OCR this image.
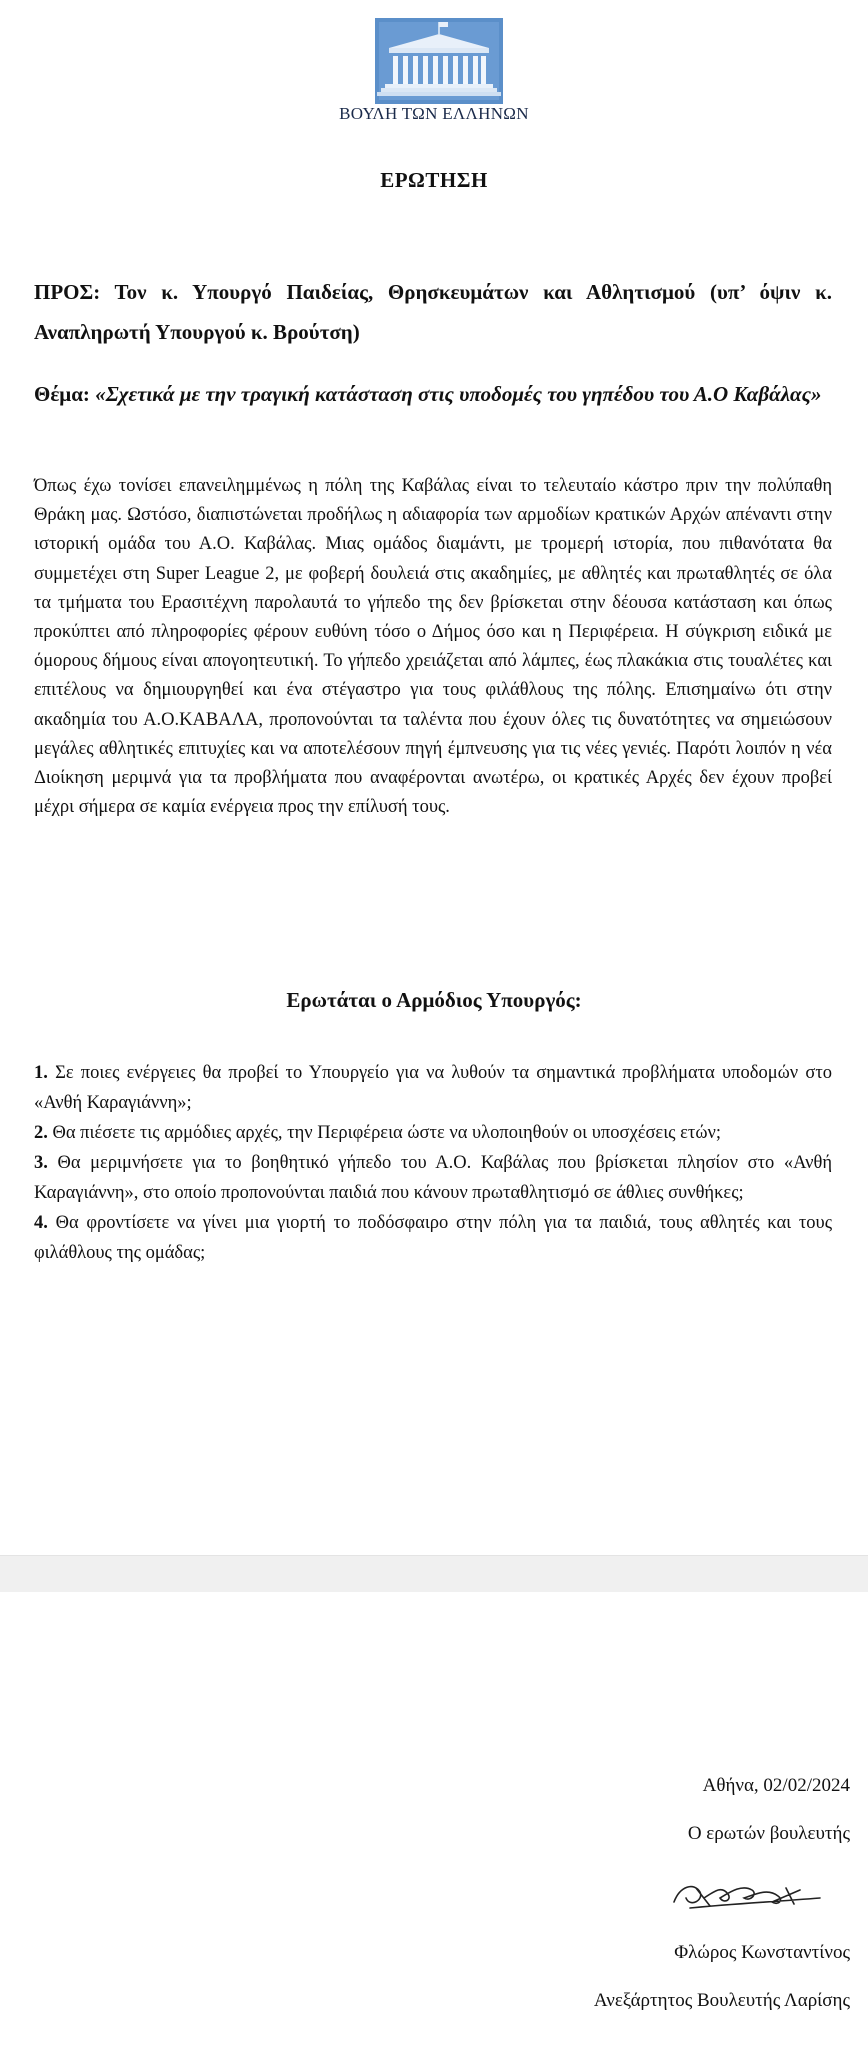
ΒΟΥΛΗ ΤΩΝ ΕΛΛΗΝΩΝ
ΕΡΩΤΗΣΗ
ΠΡΟΣ: Τον κ. Υπουργό Παιδείας, Θρησκευμάτων και Αθλητισμού (υπ’ όψιν κ. Αναπληρωτή Υπουργού κ. Βρούτση)
Θέμα: «Σχετικά με την τραγική κατάσταση στις υποδομές του γηπέδου του Α.Ο Καβάλας»
Όπως έχω τονίσει επανειλημμένως η πόλη της Καβάλας είναι το τελευταίο κάστρο πριν την πολύπαθη Θράκη μας. Ωστόσο, διαπιστώνεται προδήλως η αδιαφορία των αρμοδίων κρατικών Αρχών απέναντι στην ιστορική ομάδα του Α.Ο. Καβάλας. Μιας ομάδος διαμάντι, με τρομερή ιστορία, που πιθανότατα θα συμμετέχει στη Super League 2, με φοβερή δουλειά στις ακαδημίες, με αθλητές και πρωταθλητές σε όλα τα τμήματα του Ερασιτέχνη παρολαυτά το γήπεδο της δεν βρίσκεται στην δέουσα κατάσταση και όπως προκύπτει από πληροφορίες φέρουν ευθύνη τόσο ο Δήμος όσο και η Περιφέρεια. Η σύγκριση ειδικά με όμορους δήμους είναι απογοητευτική. Το γήπεδο χρειάζεται από λάμπες, έως πλακάκια στις τουαλέτες και επιτέλους να δημιουργηθεί και ένα στέγαστρο για τους φιλάθλους της πόλης. Επισημαίνω ότι στην ακαδημία του Α.Ο.ΚΑΒΑΛΑ, προπονούνται τα ταλέντα που έχουν όλες τις δυνατότητες να σημειώσουν μεγάλες αθλητικές επιτυχίες και να αποτελέσουν πηγή έμπνευσης για τις νέες γενιές. Παρότι λοιπόν η νέα Διοίκηση μεριμνά για τα προβλήματα που αναφέρονται ανωτέρω, οι κρατικές Αρχές δεν έχουν προβεί μέχρι σήμερα σε καμία ενέργεια προς την επίλυσή τους.
Ερωτάται ο Αρμόδιος Υπουργός:
1. Σε ποιες ενέργειες θα προβεί το Υπουργείο για να λυθούν τα σημαντικά προβλήματα υποδομών στο «Ανθή Καραγιάννη»;
2. Θα πιέσετε τις αρμόδιες αρχές, την Περιφέρεια ώστε να υλοποιηθούν οι υποσχέσεις ετών;
3. Θα μεριμνήσετε για το βοηθητικό γήπεδο του Α.Ο. Καβάλας που βρίσκεται πλησίον στο «Ανθή Καραγιάννη», στο οποίο προπονούνται παιδιά που κάνουν πρωταθλητισμό σε άθλιες συνθήκες;
4. Θα φροντίσετε να γίνει μια γιορτή το ποδόσφαιρο στην πόλη για τα παιδιά, τους αθλητές και τους φιλάθλους της ομάδας;
Αθήνα, 02/02/2024
Ο ερωτών βουλευτής
Φλώρος Κωνσταντίνος
Ανεξάρτητος Βουλευτής Λαρίσης
